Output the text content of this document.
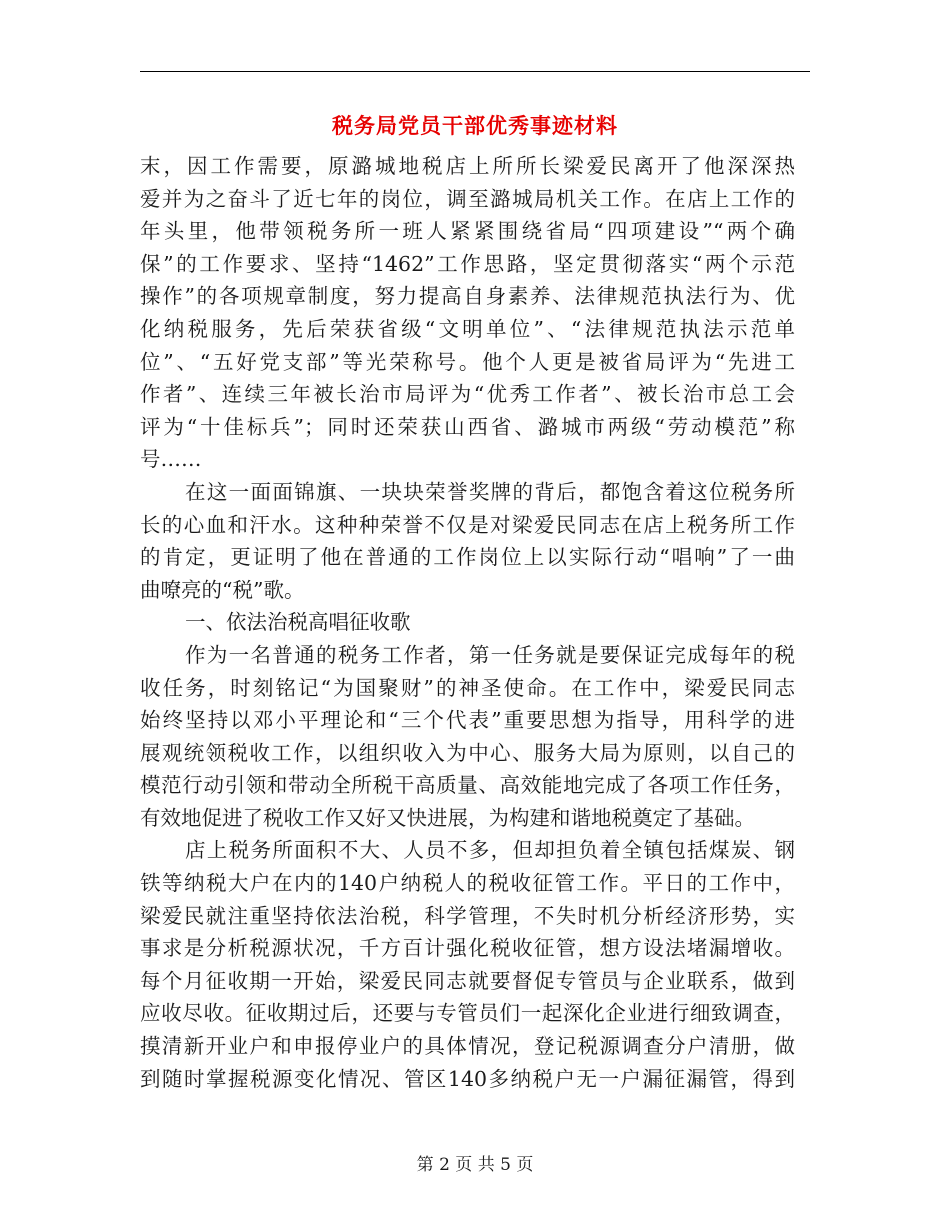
税务局党员干部优秀事迹材料
末，因工作需要，原潞城地税店上所所长梁爱民离开了他深深热
爱并为之奋斗了近七年的岗位，调至潞城局机关工作。在店上工作的
年头里，他带领税务所一班人紧紧围绕省局“四项建设”“两个确
保”的工作要求、坚持“1462”工作思路，坚定贯彻落实“两个示范
操作”的各项规章制度，努力提高自身素养、法律规范执法行为、优
化纳税服务，先后荣获省级“文明单位”、“法律规范执法示范单
位”、“五好党支部”等光荣称号。他个人更是被省局评为“先进工
作者”、连续三年被长治市局评为“优秀工作者”、被长治市总工会
评为“十佳标兵”；同时还荣获山西省、潞城市两级“劳动模范”称
号……
在这一面面锦旗、一块块荣誉奖牌的背后，都饱含着这位税务所
长的心血和汗水。这种种荣誉不仅是对梁爱民同志在店上税务所工作
的肯定，更证明了他在普通的工作岗位上以实际行动“唱响”了一曲
曲嘹亮的“税”歌。
一、依法治税高唱征收歌
作为一名普通的税务工作者，第一任务就是要保证完成每年的税
收任务，时刻铭记“为国聚财”的神圣使命。在工作中，梁爱民同志
始终坚持以邓小平理论和“三个代表”重要思想为指导，用科学的进
展观统领税收工作，以组织收入为中心、服务大局为原则，以自己的
模范行动引领和带动全所税干高质量、高效能地完成了各项工作任务，
有效地促进了税收工作又好又快进展，为构建和谐地税奠定了基础。
店上税务所面积不大、人员不多，但却担负着全镇包括煤炭、钢
铁等纳税大户在内的140户纳税人的税收征管工作。平日的工作中，
梁爱民就注重坚持依法治税，科学管理，不失时机分析经济形势，实
事求是分析税源状况，千方百计强化税收征管，想方设法堵漏增收。
每个月征收期一开始，梁爱民同志就要督促专管员与企业联系，做到
应收尽收。征收期过后，还要与专管员们一起深化企业进行细致调查，
摸清新开业户和申报停业户的具体情况，登记税源调查分户清册，做
到随时掌握税源变化情况、管区140多纳税户无一户漏征漏管，得到
第 2 页 共 5 页
